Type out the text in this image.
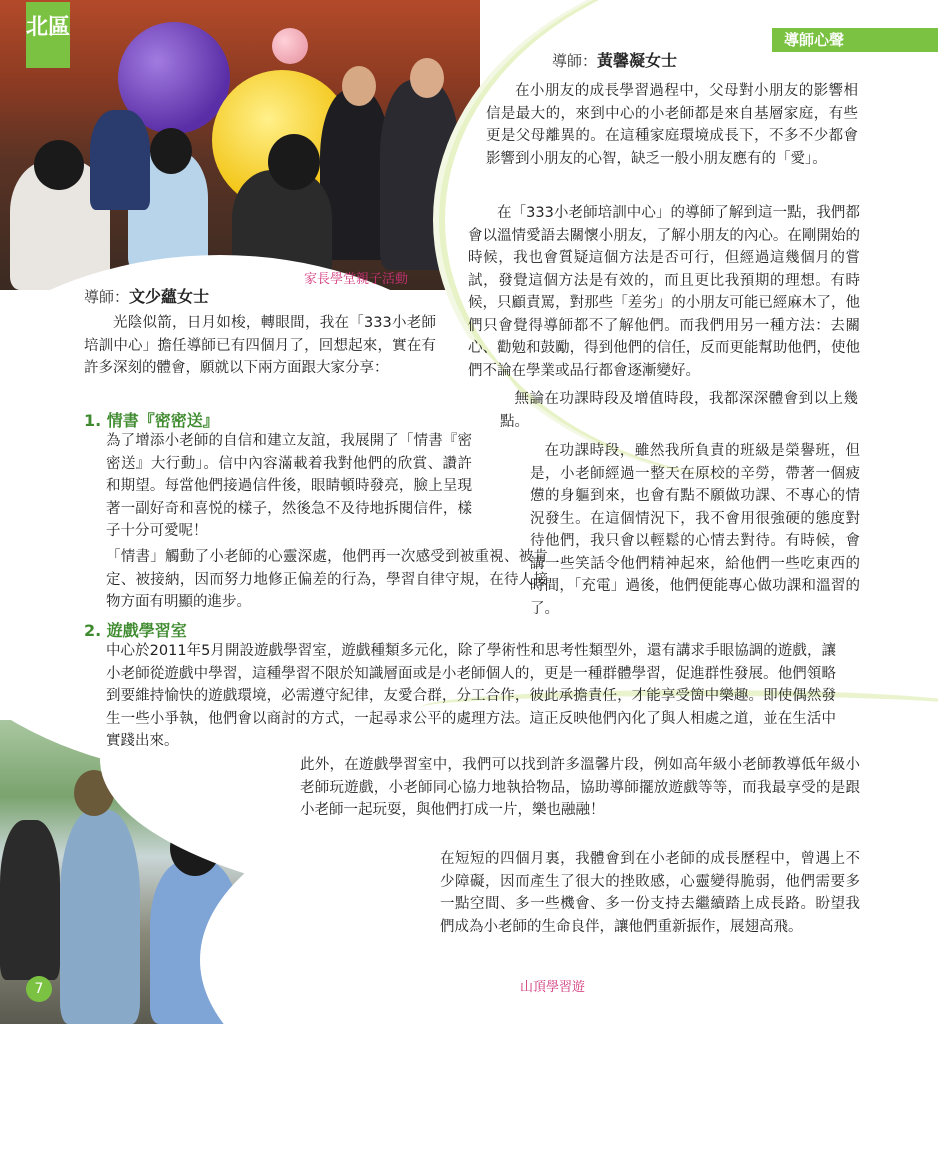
北區	導師心聲
家長學堂親子活動
山頂學習遊
導師：黃馨凝女士

在小朋友的成長學習過程中，父母對小朋友的影響相信是最大的，來到中心的小老師都是來自基層家庭，有些更是父母離異的。在這種家庭環境成長下，不多不少都會影響到小朋友的心智，缺乏一般小朋友應有的「愛」。

在「333小老師培訓中心」的導師了解到這一點，我們都會以溫情愛語去關懷小朋友，了解小朋友的內心。在剛開始的時候，我也會質疑這個方法是否可行，但經過這幾個月的嘗試，發覺這個方法是有效的，而且更比我預期的理想。有時候，只顧責罵，對那些「差劣」的小朋友可能已經麻木了，他們只會覺得導師都不了解他們。而我們用另一種方法：去關心、勸勉和鼓勵，得到他們的信任，反而更能幫助他們，使他們不論在學業或品行都會逐漸變好。

無論在功課時段及增值時段，我都深深體會到以上幾點。

在功課時段，雖然我所負責的班級是榮譽班，但是，小老師經過一整天在原校的辛勞，帶著一個疲憊的身軀到來，也會有點不願做功課、不專心的情況發生。在這個情況下，我不會用很強硬的態度對待他們，我只會以輕鬆的心情去對待。有時候，會講一些笑話令他們精神起來，給他們一些吃東西的時間，「充電」過後，他們便能專心做功課和溫習的了。

導師：文少蘊女士

光陰似箭，日月如梭，轉眼間，我在「333小老師培訓中心」擔任導師已有四個月了，回想起來，實在有許多深刻的體會，願就以下兩方面跟大家分享：

1. 情書『密密送』

為了增添小老師的自信和建立友誼，我展開了「情書『密密送』大行動」。信中內容滿載着我對他們的欣賞、讚許和期望。每當他們接過信件後，眼睛頓時發亮，臉上呈現著一副好奇和喜悦的樣子，然後急不及待地拆閱信件，樣子十分可愛呢！

「情書」觸動了小老師的心靈深處，他們再一次感受到被重視、被肯定、被接納，因而努力地修正偏差的行為，學習自律守規，在待人接物方面有明顯的進步。

2. 遊戲學習室

中心於2011年5月開設遊戲學習室，遊戲種類多元化，除了學術性和思考性類型外，還有講求手眼協調的遊戲，讓小老師從遊戲中學習，這種學習不限於知識層面或是小老師個人的，更是一種群體學習，促進群性發展。他們領略到要維持愉快的遊戲環境，必需遵守紀律，友愛合群，分工合作，彼此承擔責任，才能享受箇中樂趣。即使偶然發生一些小爭執，他們會以商討的方式，一起尋求公平的處理方法。這正反映他們內化了與人相處之道，並在生活中實踐出來。

此外，在遊戲學習室中，我們可以找到許多溫馨片段，例如高年級小老師教導低年級小老師玩遊戲，小老師同心協力地執拾物品，協助導師擺放遊戲等等，而我最享受的是跟小老師一起玩耍，與他們打成一片，樂也融融！

在短短的四個月裏，我體會到在小老師的成長歷程中，曾遇上不少障礙，因而產生了很大的挫敗感，心靈變得脆弱，他們需要多一點空間、多一些機會、多一份支持去繼續踏上成長路。盼望我們成為小老師的生命良伴，讓他們重新振作，展翅高飛。

7
